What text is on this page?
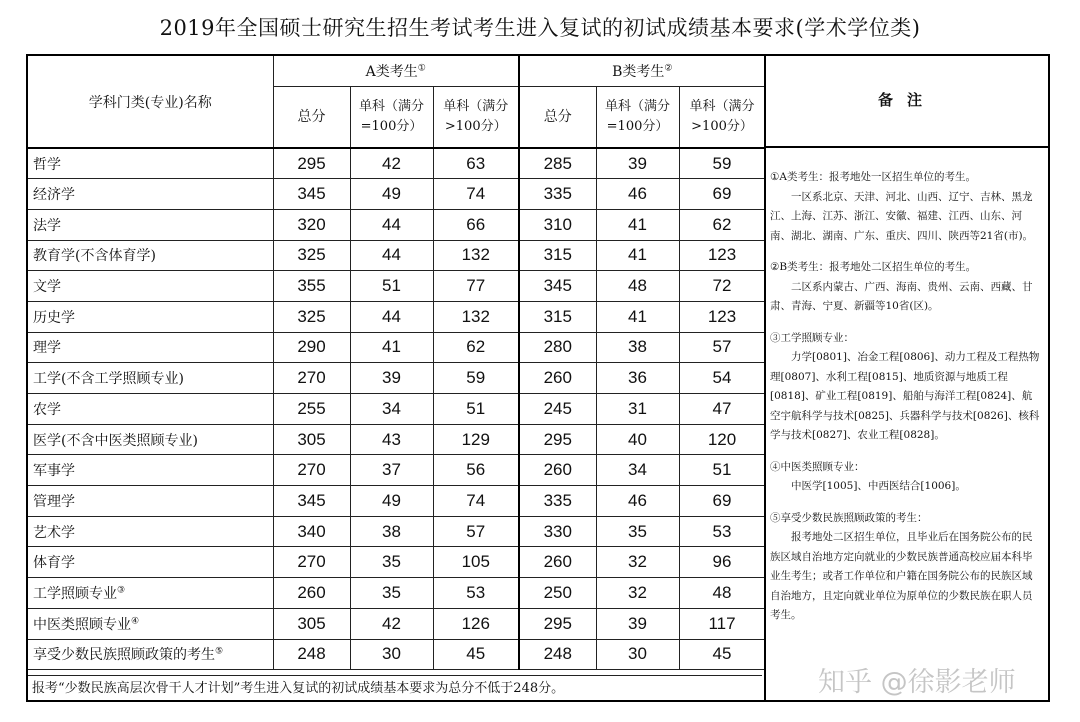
2019年全国硕士研究生招生考试考生进入复试的初试成绩基本要求(学术学位类)
学科门类(专业)名称	A类考生①			B类考生②
	总分	单科（满分=100分）	单科（满分>100分）	总分	单科（满分=100分）	单科（满分>100分）
哲学	295	42	63	285	39	59
经济学	345	49	74	335	46	69
法学	320	44	66	310	41	62
教育学(不含体育学)	325	44	132	315	41	123
文学	355	51	77	345	48	72
历史学	325	44	132	315	41	123
理学	290	41	62	280	38	57
工学(不含工学照顾专业)	270	39	59	260	36	54
农学	255	34	51	245	31	47
医学(不含中医类照顾专业)	305	43	129	295	40	120
军事学	270	37	56	260	34	51
管理学	345	49	74	335	46	69
艺术学	340	38	57	330	35	53
体育学	270	35	105	260	32	96
工学照顾专业③	260	35	53	250	32	48
中医类照顾专业④	305	42	126	295	39	117
享受少数民族照顾政策的考生⑤	248	30	45	248	30	45
报考“少数民族高层次骨干人才计划”考生进入复试的初试成绩基本要求为总分不低于248分。
备注
①A类考生：报考地处一区招生单位的考生。
一区系北京、天津、河北、山西、辽宁、吉林、黑龙江、上海、江苏、浙江、安徽、福建、江西、山东、河南、湖北、湖南、广东、重庆、四川、陕西等21省(市)。
②B类考生：报考地处二区招生单位的考生。
二区系内蒙古、广西、海南、贵州、云南、西藏、甘肃、青海、宁夏、新疆等10省(区)。
③工学照顾专业：
力学[0801]、冶金工程[0806]、动力工程及工程热物理[0807]、水利工程[0815]、地质资源与地质工程[0818]、矿业工程[0819]、船舶与海洋工程[0824]、航空宇航科学与技术[0825]、兵器科学与技术[0826]、核科学与技术[0827]、农业工程[0828]。
④中医类照顾专业：
中医学[1005]、中西医结合[1006]。
⑤享受少数民族照顾政策的考生：
报考地处二区招生单位，且毕业后在国务院公布的民族区域自治地方定向就业的少数民族普通高校应届本科毕业生考生；或者工作单位和户籍在国务院公布的民族区域自治地方，且定向就业单位为原单位的少数民族在职人员考生。
知乎 @徐影老师
